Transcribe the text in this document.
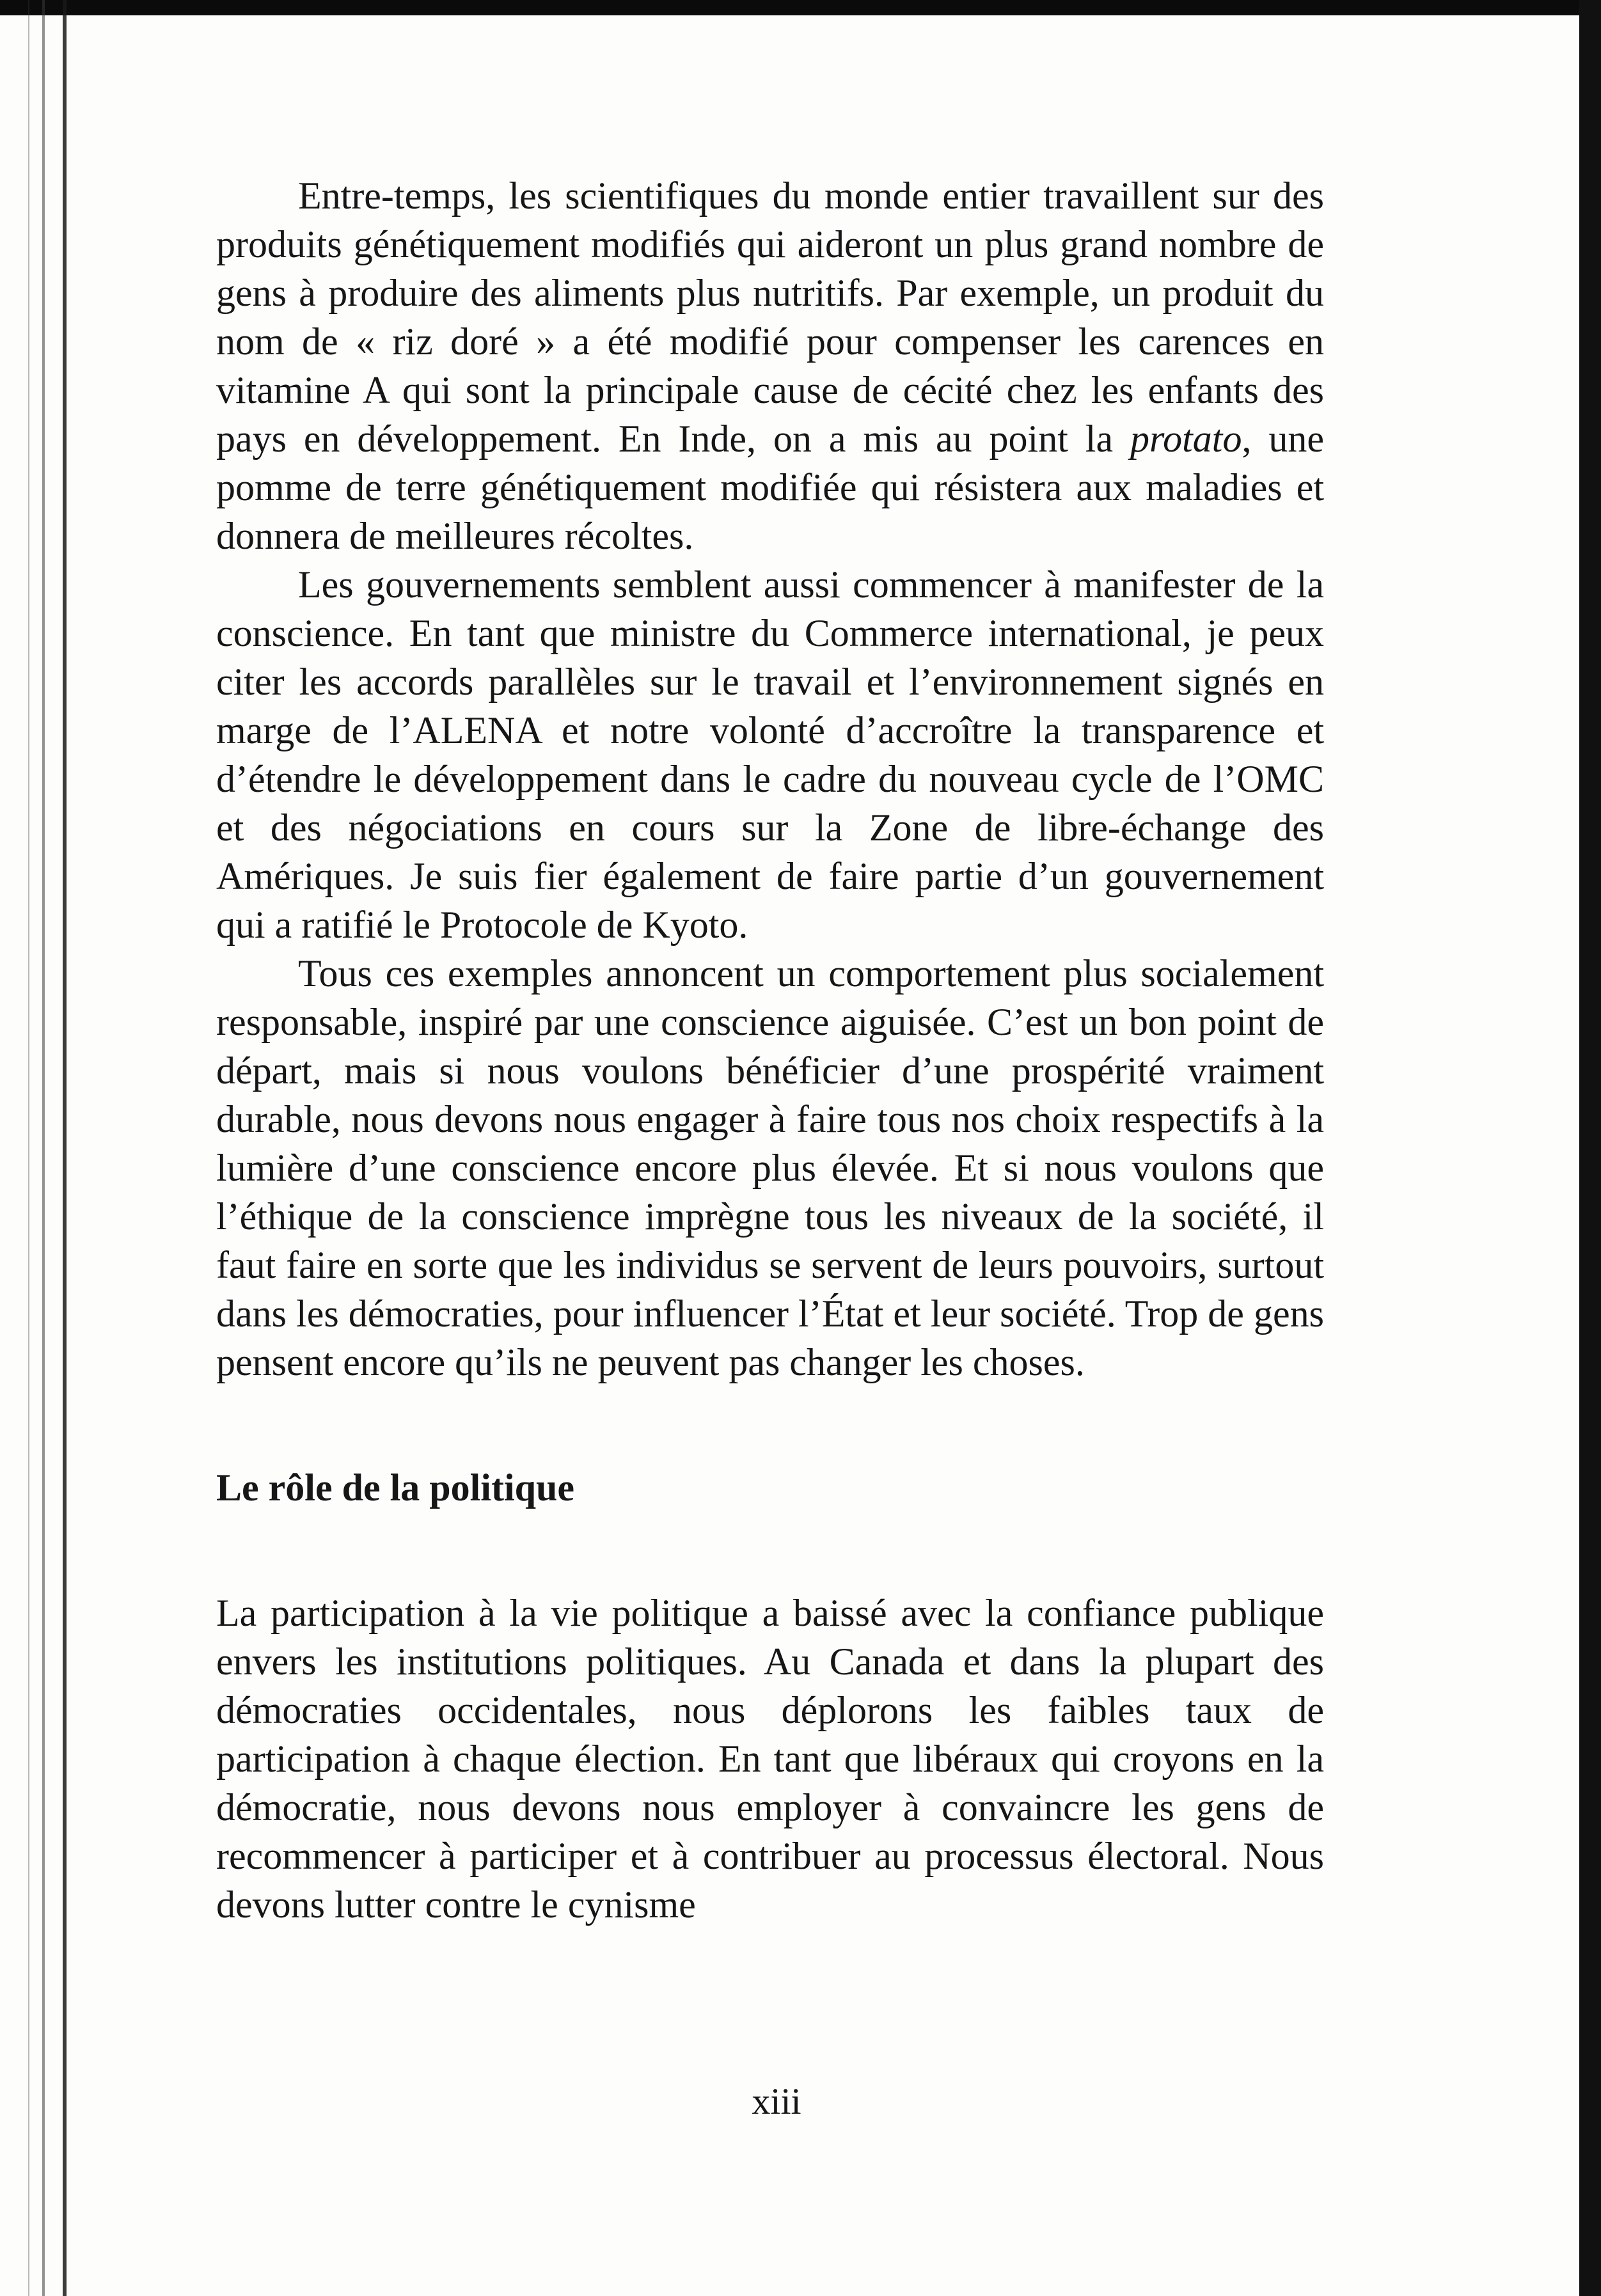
Entre-temps, les scientifiques du monde entier travaillent sur des produits génétiquement modifiés qui aideront un plus grand nombre de gens à produire des aliments plus nutritifs. Par exemple, un produit du nom de « riz doré » a été modifié pour compenser les carences en vitamine A qui sont la principale cause de cécité chez les enfants des pays en développement. En Inde, on a mis au point la protato, une pomme de terre génétiquement modifiée qui résistera aux maladies et donnera de meilleures récoltes.

Les gouvernements semblent aussi commencer à manifester de la conscience. En tant que ministre du Commerce international, je peux citer les accords parallèles sur le travail et l’environnement signés en marge de l’ALENA et notre volonté d’accroître la transparence et d’étendre le développement dans le cadre du nouveau cycle de l’OMC et des négociations en cours sur la Zone de libre-échange des Amériques. Je suis fier également de faire partie d’un gouvernement qui a ratifié le Protocole de Kyoto.

Tous ces exemples annoncent un comportement plus socialement responsable, inspiré par une conscience aiguisée. C’est un bon point de départ, mais si nous voulons bénéficier d’une prospérité vraiment durable, nous devons nous engager à faire tous nos choix respectifs à la lumière d’une conscience encore plus élevée. Et si nous voulons que l’éthique de la conscience imprègne tous les niveaux de la société, il faut faire en sorte que les individus se servent de leurs pouvoirs, surtout dans les démocraties, pour influencer l’État et leur société. Trop de gens pensent encore qu’ils ne peuvent pas changer les choses.

Le rôle de la politique

La participation à la vie politique a baissé avec la confiance publique envers les institutions politiques. Au Canada et dans la plupart des démocraties occidentales, nous déplorons les faibles taux de participation à chaque élection. En tant que libéraux qui croyons en la démocratie, nous devons nous employer à convaincre les gens de recommencer à participer et à contribuer au processus électoral. Nous devons lutter contre le cynisme

xiii
